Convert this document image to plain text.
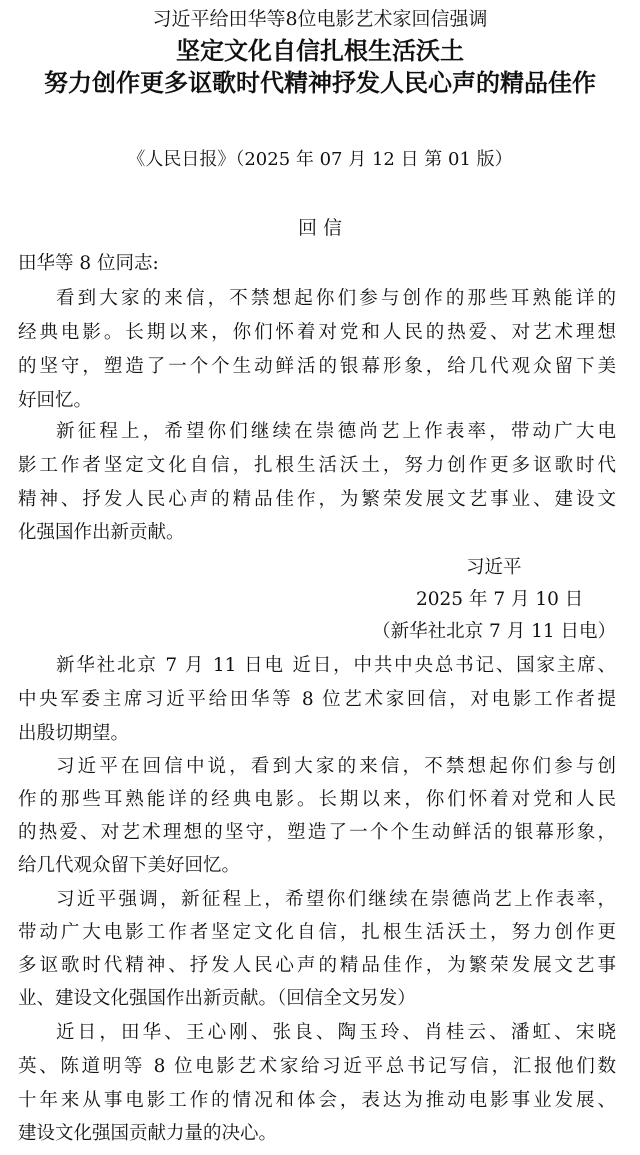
习近平给田华等8位电影艺术家回信强调
坚定文化自信扎根生活沃土
努力创作更多讴歌时代精神抒发人民心声的精品佳作
《人民日报》（2025 年 07 月 12 日 第 01 版）
回 信
田华等 8 位同志:
看到大家的来信，不禁想起你们参与创作的那些耳熟能详的
经典电影。长期以来，你们怀着对党和人民的热爱、对艺术理想
的坚守，塑造了一个个生动鲜活的银幕形象，给几代观众留下美
好回忆。
新征程上，希望你们继续在崇德尚艺上作表率，带动广大电
影工作者坚定文化自信，扎根生活沃土，努力创作更多讴歌时代
精神、抒发人民心声的精品佳作，为繁荣发展文艺事业、建设文
化强国作出新贡献。
习近平
2025 年 7 月 10 日
（新华社北京 7 月 11 日电）
新华社北京 7 月 11 日电 近日，中共中央总书记、国家主席、
中央军委主席习近平给田华等 8 位艺术家回信，对电影工作者提
出殷切期望。
习近平在回信中说，看到大家的来信，不禁想起你们参与创
作的那些耳熟能详的经典电影。长期以来，你们怀着对党和人民
的热爱、对艺术理想的坚守，塑造了一个个生动鲜活的银幕形象，
给几代观众留下美好回忆。
习近平强调，新征程上，希望你们继续在崇德尚艺上作表率，
带动广大电影工作者坚定文化自信，扎根生活沃土，努力创作更
多讴歌时代精神、抒发人民心声的精品佳作，为繁荣发展文艺事
业、建设文化强国作出新贡献。（回信全文另发）
近日，田华、王心刚、张良、陶玉玲、肖桂云、潘虹、宋晓
英、陈道明等 8 位电影艺术家给习近平总书记写信，汇报他们数
十年来从事电影工作的情况和体会，表达为推动电影事业发展、
建设文化强国贡献力量的决心。
